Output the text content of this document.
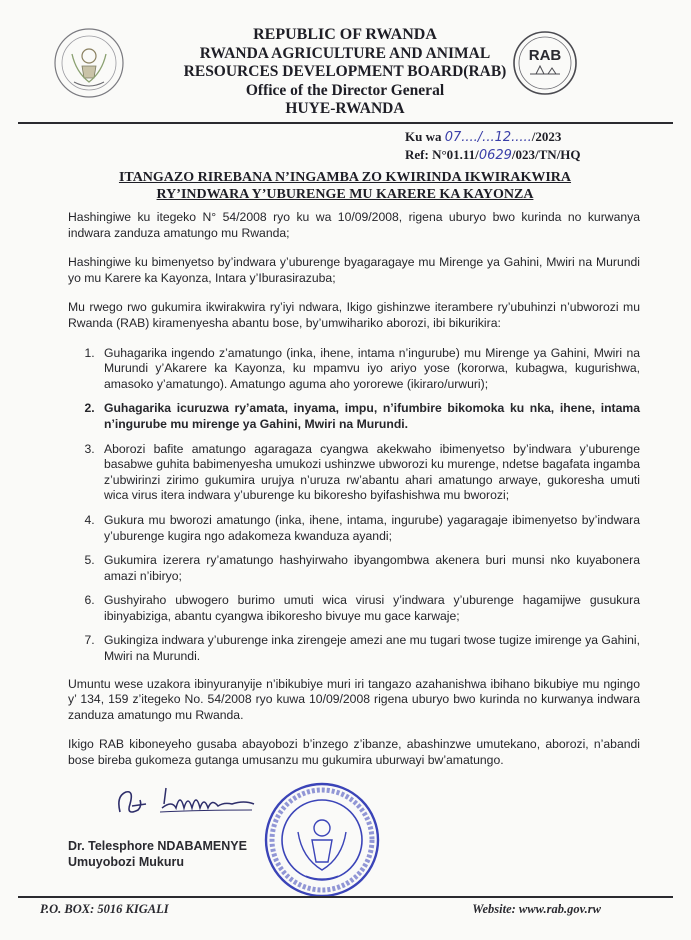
REPUBLIC OF RWANDA
RWANDA AGRICULTURE AND ANIMAL
RESOURCES DEVELOPMENT BOARD(RAB)
Office of the Director General
HUYE-RWANDA
RAB
Ku wa 07..../...12...../2023
Ref: N°01.11/0629/023/TN/HQ
ITANGAZO RIREBANA N’INGAMBA ZO KWIRINDA IKWIRAKWIRA
RY’INDWARA Y’UBURENGE MU KARERE KA KAYONZA

Hashingiwe ku itegeko N° 54/2008 ryo ku wa 10/09/2008, rigena uburyo bwo kurinda no kurwanya indwara zanduza amatungo mu Rwanda;

Hashingiwe ku bimenyetso by’indwara y’uburenge byagaragaye mu Mirenge ya Gahini, Mwiri na Murundi yo mu Karere ka Kayonza, Intara y’Iburasirazuba;

Mu rwego rwo gukumira ikwirakwira ry’iyi ndwara, Ikigo gishinzwe iterambere ry’ubuhinzi n’ubworozi mu Rwanda (RAB) kiramenyesha abantu bose, by’umwihariko aborozi, ibi bikurikira:

1. Guhagarika ingendo z’amatungo (inka, ihene, intama n’ingurube) mu Mirenge ya Gahini, Mwiri na Murundi y’Akarere ka Kayonza, ku mpamvu iyo ariyo yose (kororwa, kubagwa, kugurishwa, amasoko y’amatungo). Amatungo aguma aho yororewe (ikiraro/urwuri);
2. Guhagarika icuruzwa ry’amata, inyama, impu, n’ifumbire bikomoka ku nka, ihene, intama n’ingurube mu mirenge ya Gahini, Mwiri na Murundi.
3. Aborozi bafite amatungo agaragaza cyangwa akekwaho ibimenyetso by’indwara y’uburenge basabwe guhita babimenyesha umukozi ushinzwe ubworozi ku murenge, ndetse bagafata ingamba z’ubwirinzi zirimo gukumira urujya n’uruza rw’abantu ahari amatungo arwaye, gukoresha umuti wica virus itera indwara y’uburenge ku bikoresho byifashishwa mu bworozi;
4. Gukura mu bworozi amatungo (inka, ihene, intama, ingurube) yagaragaje ibimenyetso by’indwara y’uburenge kugira ngo adakomeza kwanduza ayandi;
5. Gukumira izerera ry’amatungo hashyirwaho ibyangombwa akenera buri munsi nko kuyabonera amazi n’ibiryo;
6. Gushyiraho ubwogero burimo umuti wica virusi y’indwara y’uburenge hagamijwe gusukura ibinyabiziga, abantu cyangwa ibikoresho bivuye mu gace karwaje;
7. Gukingiza indwara y’uburenge inka zirengeje amezi ane mu tugari twose tugize imirenge ya Gahini, Mwiri na Murundi.

Umuntu wese uzakora ibinyuranyije n’ibikubiye muri iri tangazo azahanishwa ibihano bikubiye mu ngingo y’ 134, 159 z’itegeko No. 54/2008 ryo kuwa 10/09/2008 rigena uburyo bwo kurinda no kurwanya indwara zanduza amatungo mu Rwanda.

Ikigo RAB kiboneyeho gusaba abayobozi b’inzego z’ibanze, abashinzwe umutekano, aborozi, n’abandi bose bireba gukomeza gutanga umusanzu mu gukumira uburwayi bw’amatungo.

Dr. Telesphore NDABAMENYE
Umuyobozi Mukuru
P.O. BOX: 5016 KIGALI	Website: www.rab.gov.rw
